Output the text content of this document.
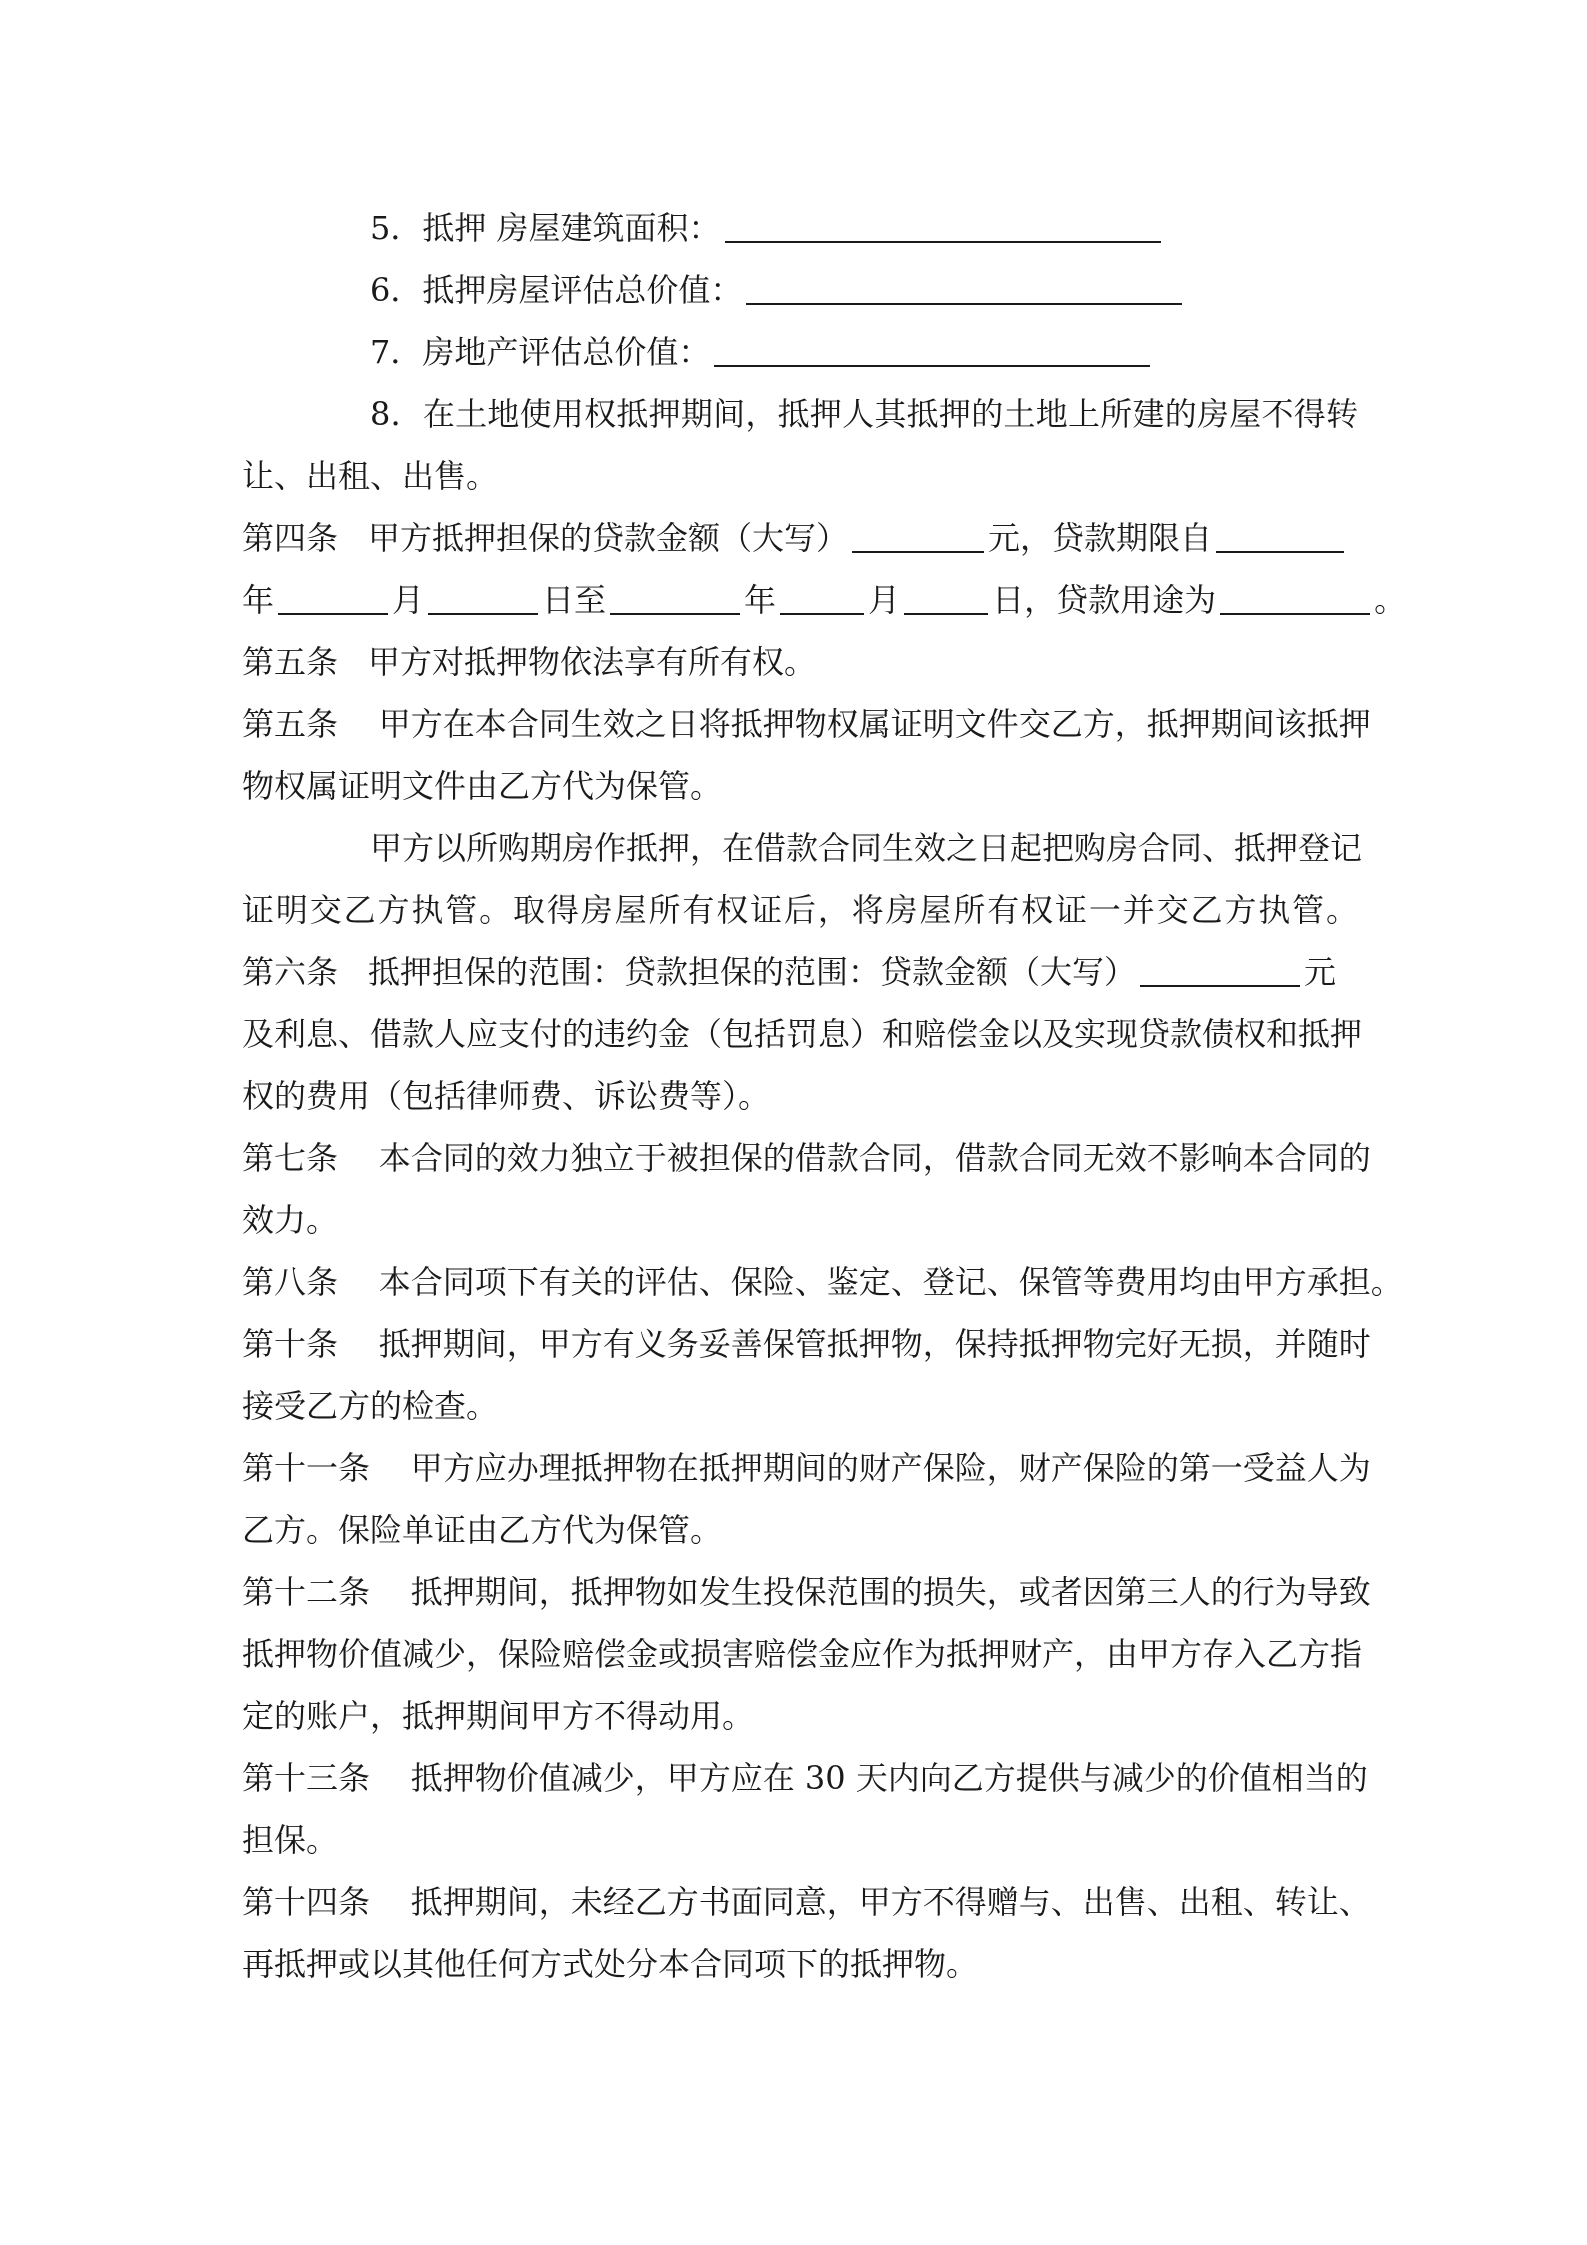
5．抵押 房屋建筑面积：
6．抵押房屋评估总价值：
7．房地产评估总价值：
8．在土地使用权抵押期间，抵押人其抵押的土地上所建的房屋不得转
让、出租、出售。
第四条 甲方抵押担保的贷款金额（大写）	元，贷款期限自
年	月	日至	年	月	日，贷款用途为	。
第五条 甲方对抵押物依法享有所有权。
第五条 甲方在本合同生效之日将抵押物权属证明文件交乙方，抵押期间该抵押
物权属证明文件由乙方代为保管。
甲方以所购期房作抵押，在借款合同生效之日起把购房合同、抵押登记
证明交乙方执管。取得房屋所有权证后，将房屋所有权证一并交乙方执管。
第六条 抵押担保的范围：贷款担保的范围：贷款金额（大写）	元
及利息、借款人应支付的违约金（包括罚息）和赔偿金以及实现贷款债权和抵押
权的费用（包括律师费、诉讼费等）。
第七条 本合同的效力独立于被担保的借款合同，借款合同无效不影响本合同的
效力。
第八条 本合同项下有关的评估、保险、鉴定、登记、保管等费用均由甲方承担。
第十条 抵押期间，甲方有义务妥善保管抵押物，保持抵押物完好无损，并随时
接受乙方的检查。
第十一条 甲方应办理抵押物在抵押期间的财产保险，财产保险的第一受益人为
乙方。保险单证由乙方代为保管。
第十二条 抵押期间，抵押物如发生投保范围的损失，或者因第三人的行为导致
抵押物价值减少，保险赔偿金或损害赔偿金应作为抵押财产，由甲方存入乙方指
定的账户，抵押期间甲方不得动用。
第十三条 抵押物价值减少，甲方应在 30 天内向乙方提供与减少的价值相当的
担保。
第十四条 抵押期间，未经乙方书面同意，甲方不得赠与、出售、出租、转让、
再抵押或以其他任何方式处分本合同项下的抵押物。
